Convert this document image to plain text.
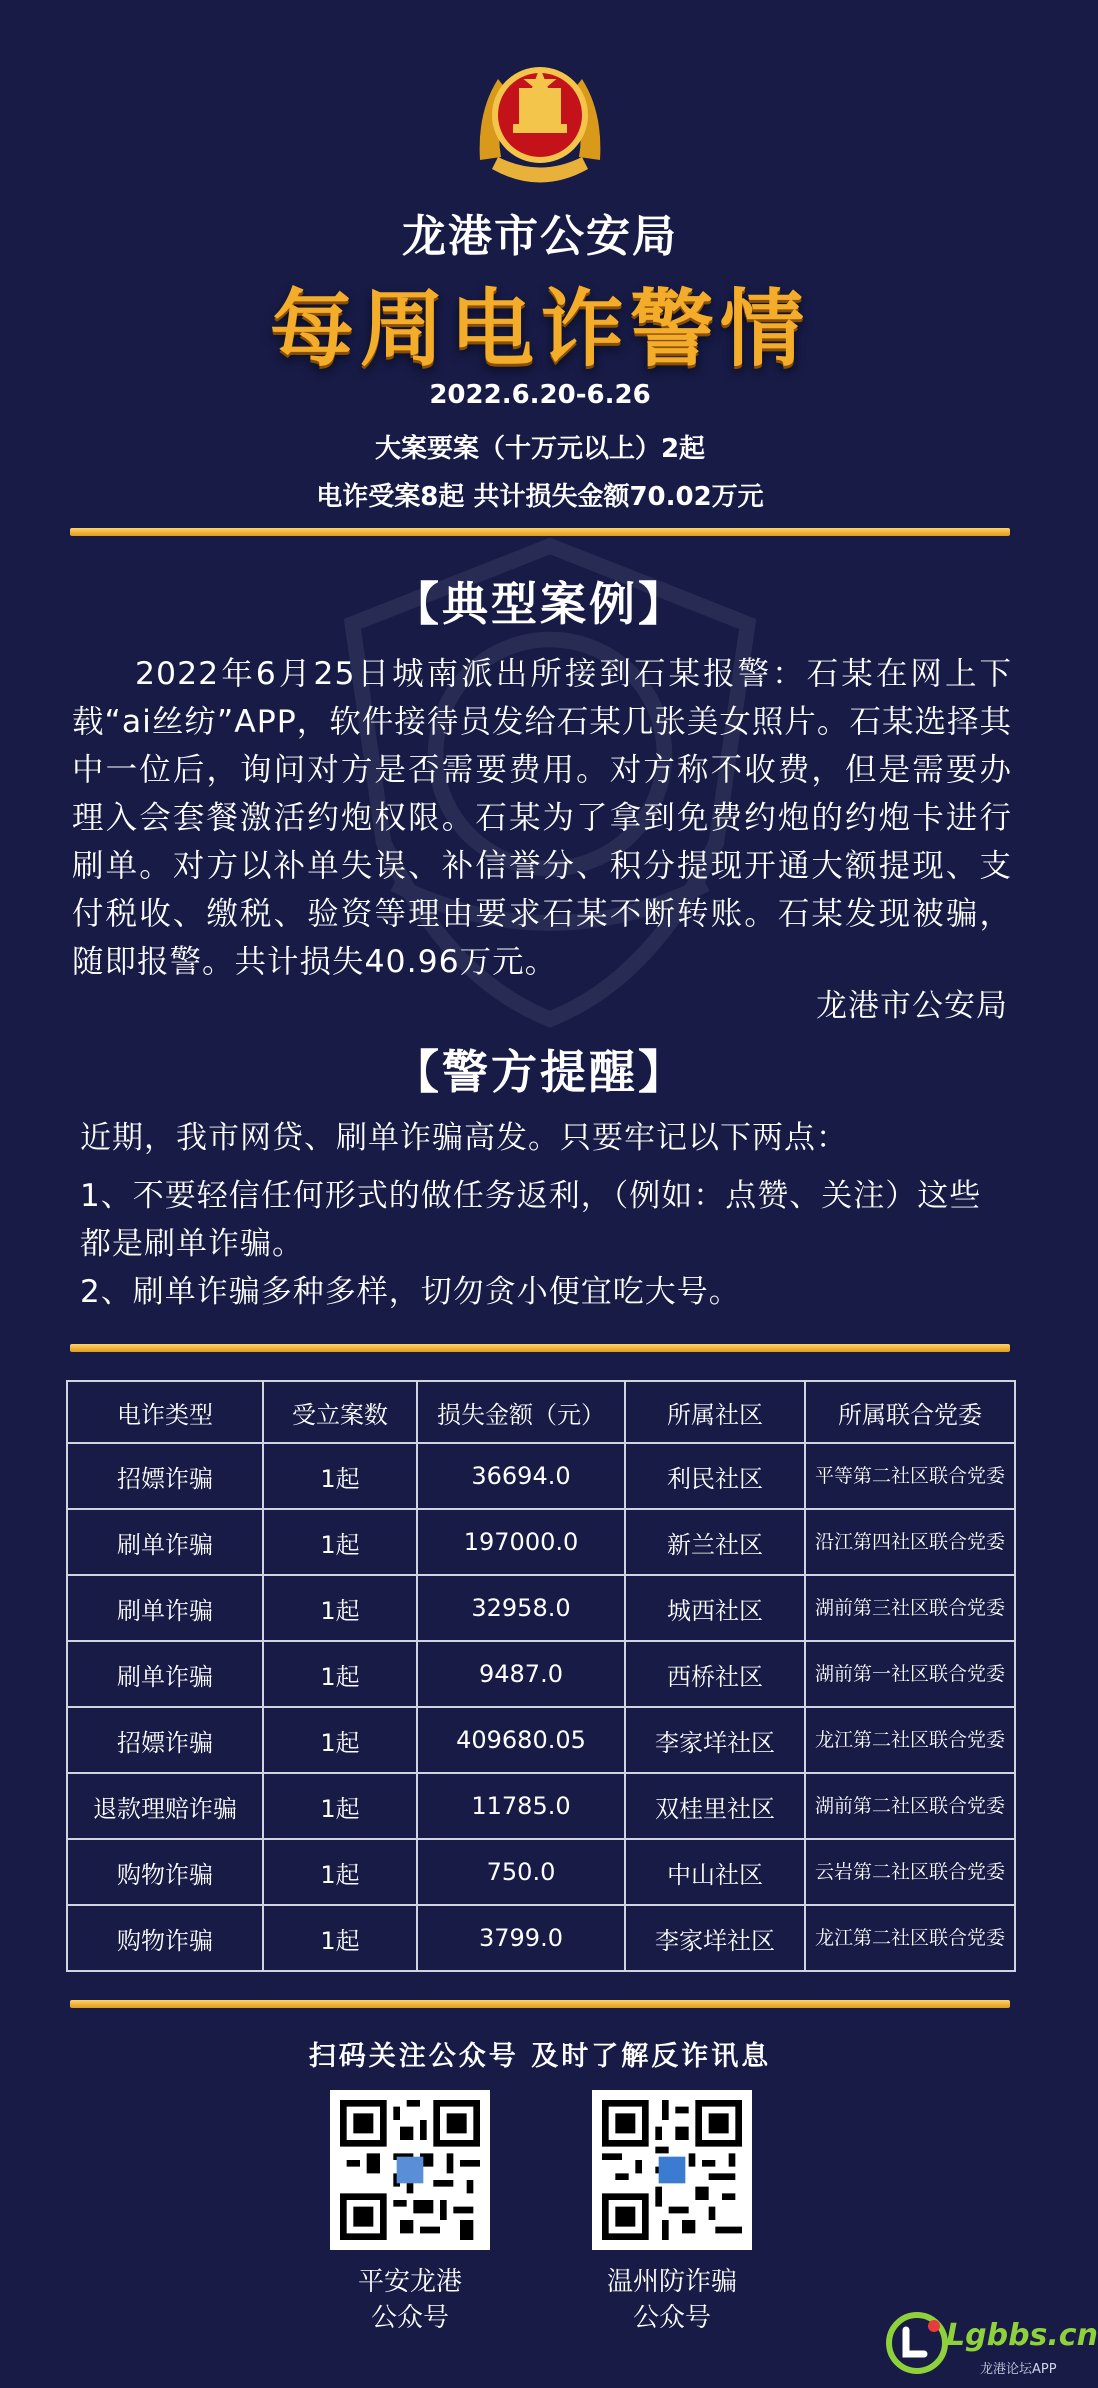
龙港市公安局
每周电诈警情
2022.6.20-6.26
大案要案（十万元以上）2起
电诈受案8起 共计损失金额70.02万元
【典型案例】
2022年6月25日城南派出所接到石某报警：石某在网上下载“ai丝纺”APP，软件接待员发给石某几张美女照片。石某选择其中一位后，询问对方是否需要费用。对方称不收费，但是需要办理入会套餐激活约炮权限。石某为了拿到免费约炮的约炮卡进行刷单。对方以补单失误、补信誉分、积分提现开通大额提现、支付税收、缴税、验资等理由要求石某不断转账。石某发现被骗，随即报警。共计损失40.96万元。
龙港市公安局
【警方提醒】
近期，我市网贷、刷单诈骗高发。只要牢记以下两点：
1、不要轻信任何形式的做任务返利，（例如：点赞、关注）这些都是刷单诈骗。
2、刷单诈骗多种多样，切勿贪小便宜吃大号。
电诈类型	受立案数	损失金额（元）	所属社区	所属联合党委
招嫖诈骗	1起	36694.0	利民社区	平等第二社区联合党委
刷单诈骗	1起	197000.0	新兰社区	沿江第四社区联合党委
刷单诈骗	1起	32958.0	城西社区	湖前第三社区联合党委
刷单诈骗	1起	9487.0	西桥社区	湖前第一社区联合党委
招嫖诈骗	1起	409680.05	李家垟社区	龙江第二社区联合党委
退款理赔诈骗	1起	11785.0	双桂里社区	湖前第二社区联合党委
购物诈骗	1起	750.0	中山社区	云岩第二社区联合党委
购物诈骗	1起	3799.0	李家垟社区	龙江第二社区联合党委
扫码关注公众号 及时了解反诈讯息
平安龙港
公众号
温州防诈骗
公众号	Lgbbs.cn
龙港论坛APP
